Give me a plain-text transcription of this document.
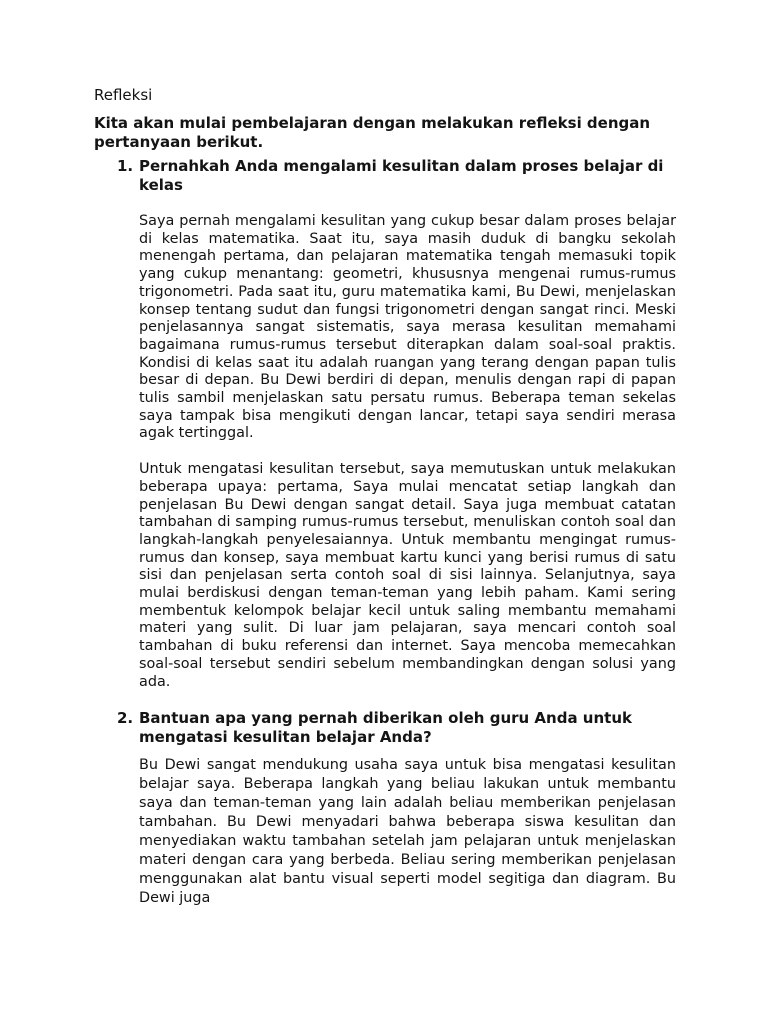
Refleksi

Kita akan mulai pembelajaran dengan melakukan refleksi dengan pertanyaan berikut.

1. Pernahkah Anda mengalami kesulitan dalam proses belajar di kelas

Saya pernah mengalami kesulitan yang cukup besar dalam proses belajar di kelas matematika. Saat itu, saya masih duduk di bangku sekolah menengah pertama, dan pelajaran matematika tengah memasuki topik yang cukup menantang: geometri, khususnya mengenai rumus-rumus trigonometri. Pada saat itu, guru matematika kami, Bu Dewi, menjelaskan konsep tentang sudut dan fungsi trigonometri dengan sangat rinci. Meski penjelasannya sangat sistematis, saya merasa kesulitan memahami bagaimana rumus-rumus tersebut diterapkan dalam soal-soal praktis. Kondisi di kelas saat itu adalah ruangan yang terang dengan papan tulis besar di depan. Bu Dewi berdiri di depan, menulis dengan rapi di papan tulis sambil menjelaskan satu persatu rumus. Beberapa teman sekelas saya tampak bisa mengikuti dengan lancar, tetapi saya sendiri merasa agak tertinggal.

Untuk mengatasi kesulitan tersebut, saya memutuskan untuk melakukan beberapa upaya: pertama, Saya mulai mencatat setiap langkah dan penjelasan Bu Dewi dengan sangat detail. Saya juga membuat catatan tambahan di samping rumus-rumus tersebut, menuliskan contoh soal dan langkah-langkah penyelesaiannya. Untuk membantu mengingat rumus-rumus dan konsep, saya membuat kartu kunci yang berisi rumus di satu sisi dan penjelasan serta contoh soal di sisi lainnya. Selanjutnya, saya mulai berdiskusi dengan teman-teman yang lebih paham. Kami sering membentuk kelompok belajar kecil untuk saling membantu memahami materi yang sulit. Di luar jam pelajaran, saya mencari contoh soal tambahan di buku referensi dan internet. Saya mencoba memecahkan soal-soal tersebut sendiri sebelum membandingkan dengan solusi yang ada.

2. Bantuan apa yang pernah diberikan oleh guru Anda untuk mengatasi kesulitan belajar Anda?

Bu Dewi sangat mendukung usaha saya untuk bisa mengatasi kesulitan belajar saya. Beberapa langkah yang beliau lakukan untuk membantu saya dan teman-teman yang lain adalah beliau memberikan penjelasan tambahan. Bu Dewi menyadari bahwa beberapa siswa kesulitan dan menyediakan waktu tambahan setelah jam pelajaran untuk menjelaskan materi dengan cara yang berbeda. Beliau sering memberikan penjelasan menggunakan alat bantu visual seperti model segitiga dan diagram. Bu Dewi juga
